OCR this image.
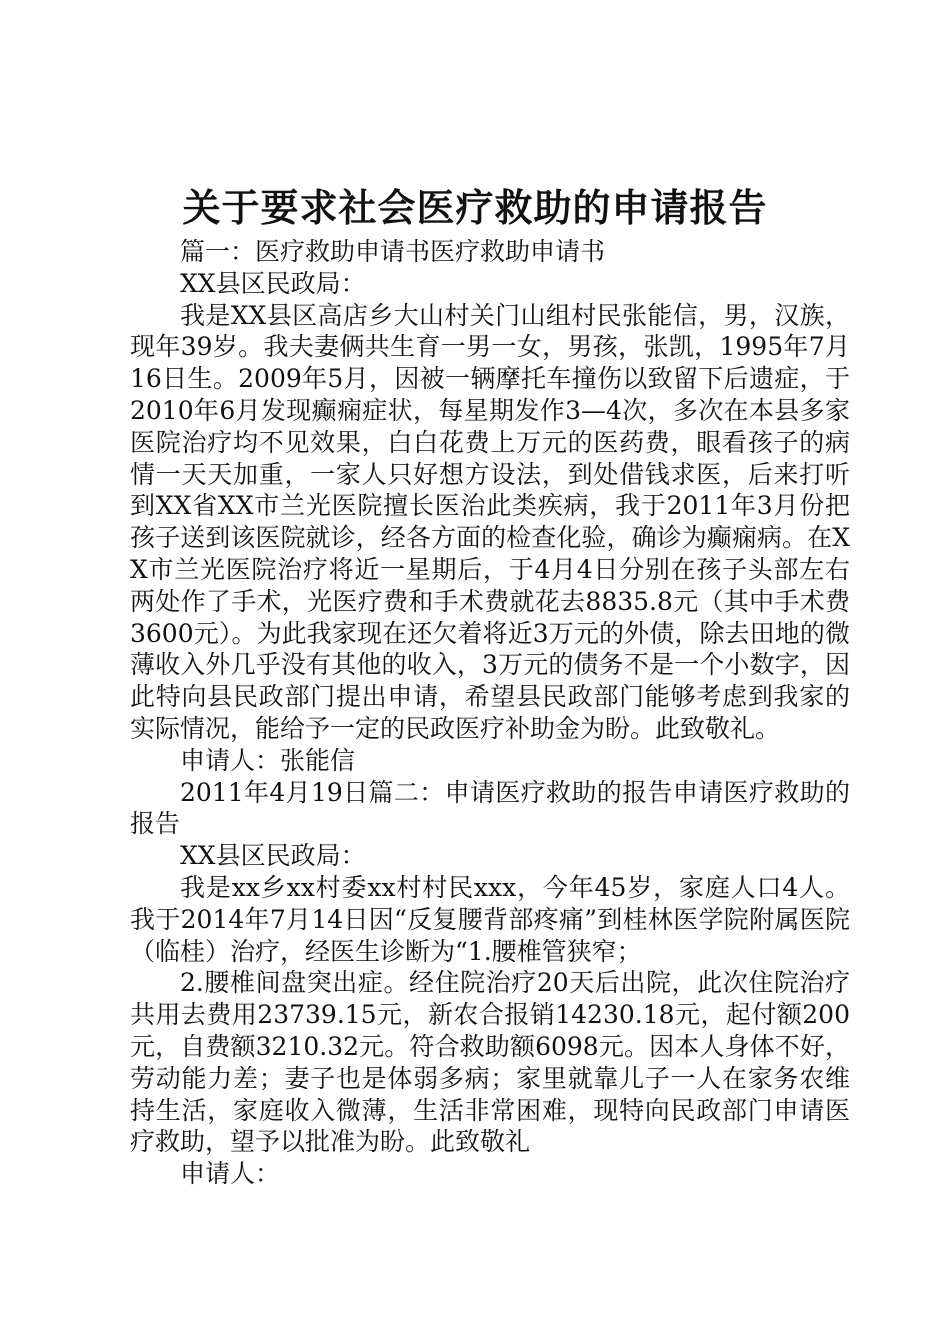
关于要求社会医疗救助的申请报告

篇一：医疗救助申请书医疗救助申请书

XX县区民政局：

我是XX县区高店乡大山村关门山组村民张能信，男，汉族，现年39岁。我夫妻俩共生育一男一女，男孩，张凯，1995年7月16日生。2009年5月，因被一辆摩托车撞伤以致留下后遗症，于2010年6月发现癫痫症状，每星期发作3—4次，多次在本县多家医院治疗均不见效果，白白花费上万元的医药费，眼看孩子的病情一天天加重，一家人只好想方设法，到处借钱求医，后来打听到XX省XX市兰光医院擅长医治此类疾病，我于2011年3月份把孩子送到该医院就诊，经各方面的检查化验，确诊为癫痫病。在XX市兰光医院治疗将近一星期后，于4月4日分别在孩子头部左右两处作了手术，光医疗费和手术费就花去8835.8元（其中手术费3600元）。为此我家现在还欠着将近3万元的外债，除去田地的微薄收入外几乎没有其他的收入，3万元的债务不是一个小数字，因此特向县民政部门提出申请，希望县民政部门能够考虑到我家的实际情况，能给予一定的民政医疗补助金为盼。此致敬礼。

申请人：张能信

2011年4月19日篇二：申请医疗救助的报告申请医疗救助的报告

XX县区民政局：

我是xx乡xx村委xx村村民xxx，今年45岁，家庭人口4人。我于2014年7月14日因“反复腰背部疼痛”到桂林医学院附属医院（临桂）治疗，经医生诊断为“1.腰椎管狭窄；

2.腰椎间盘突出症。经住院治疗20天后出院，此次住院治疗共用去费用23739.15元，新农合报销14230.18元，起付额200元，自费额3210.32元。符合救助额6098元。因本人身体不好，劳动能力差；妻子也是体弱多病；家里就靠儿子一人在家务农维持生活，家庭收入微薄，生活非常困难，现特向民政部门申请医疗救助，望予以批准为盼。此致敬礼

申请人：
